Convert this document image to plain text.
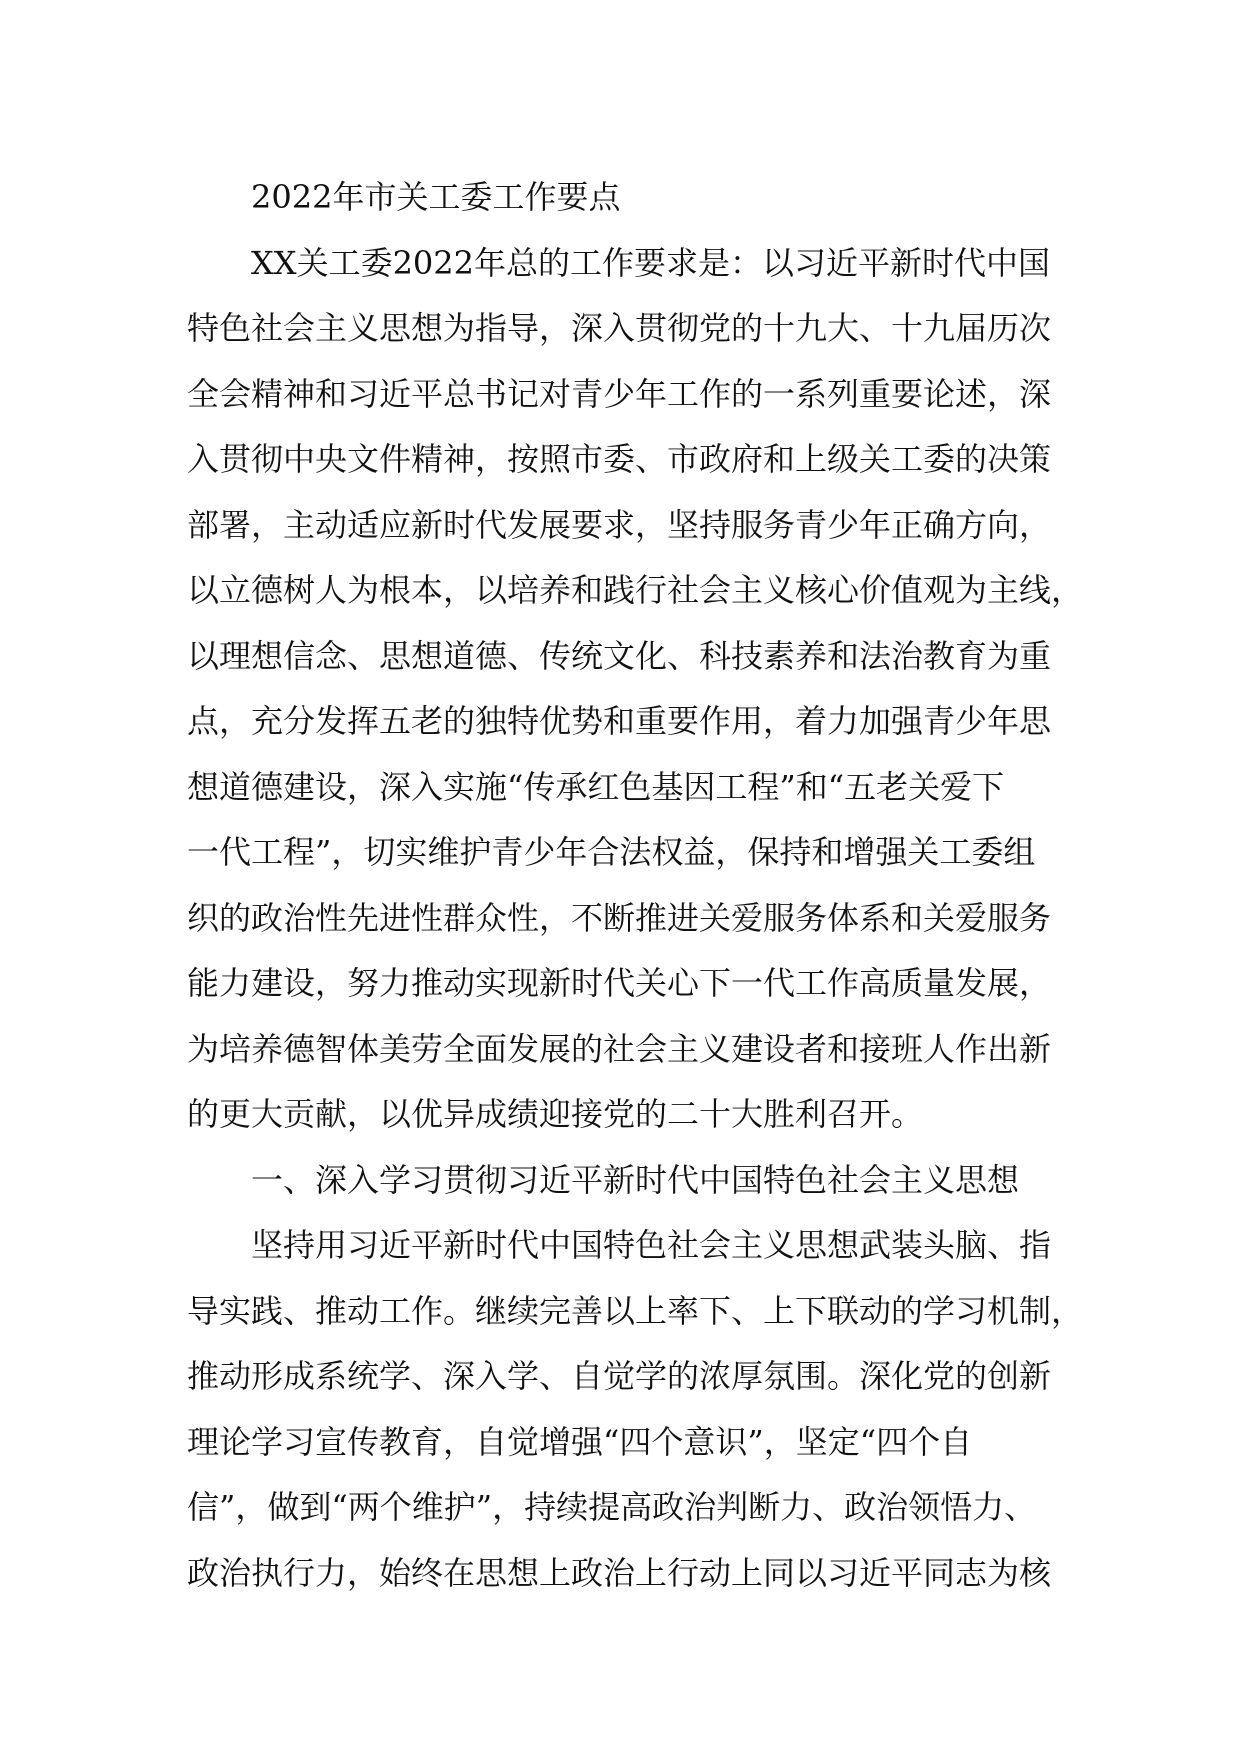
2022年市关工委工作要点
XX关工委2022年总的工作要求是：以习近平新时代中国
特色社会主义思想为指导，深入贯彻党的十九大、十九届历次
全会精神和习近平总书记对青少年工作的一系列重要论述，深
入贯彻中央文件精神，按照市委、市政府和上级关工委的决策
部署，主动适应新时代发展要求，坚持服务青少年正确方向，
以立德树人为根本，以培养和践行社会主义核心价值观为主线，
以理想信念、思想道德、传统文化、科技素养和法治教育为重
点，充分发挥五老的独特优势和重要作用，着力加强青少年思
想道德建设，深入实施“传承红色基因工程”和“五老关爱下
一代工程”，切实维护青少年合法权益，保持和增强关工委组
织的政治性先进性群众性，不断推进关爱服务体系和关爱服务
能力建设，努力推动实现新时代关心下一代工作高质量发展，
为培养德智体美劳全面发展的社会主义建设者和接班人作出新
的更大贡献，以优异成绩迎接党的二十大胜利召开。
一、深入学习贯彻习近平新时代中国特色社会主义思想
坚持用习近平新时代中国特色社会主义思想武装头脑、指
导实践、推动工作。继续完善以上率下、上下联动的学习机制，
推动形成系统学、深入学、自觉学的浓厚氛围。深化党的创新
理论学习宣传教育，自觉增强“四个意识”，坚定“四个自
信”，做到“两个维护”，持续提高政治判断力、政治领悟力、
政治执行力，始终在思想上政治上行动上同以习近平同志为核
